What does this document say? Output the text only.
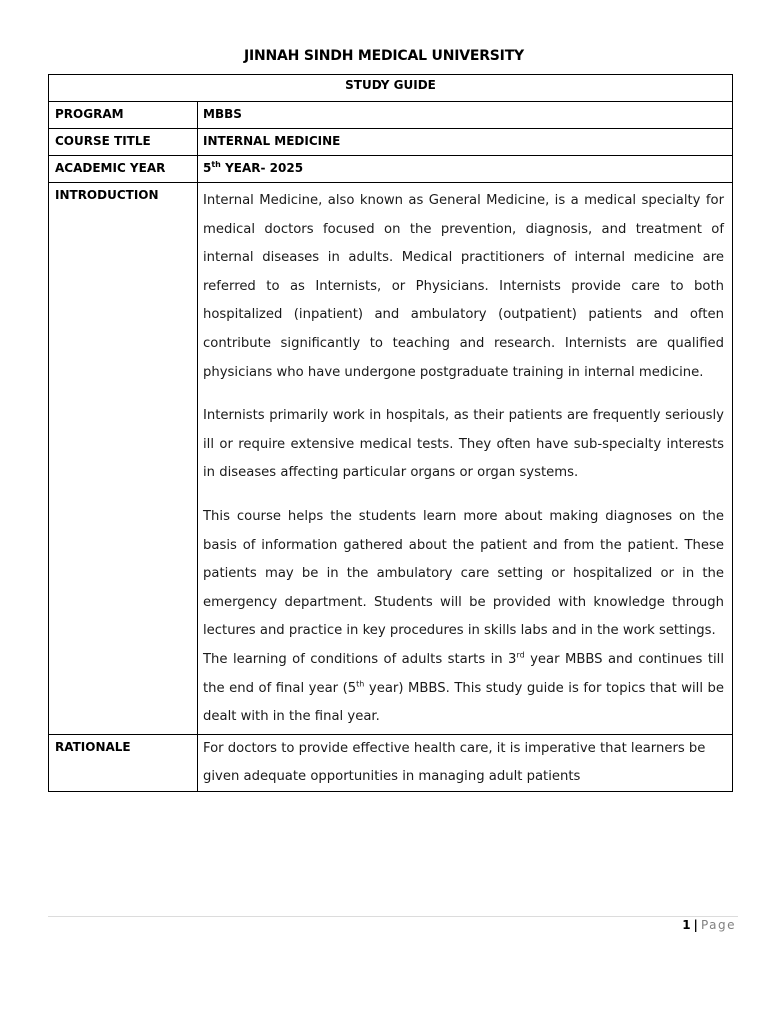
JINNAH SINDH MEDICAL UNIVERSITY
STUDY GUIDE	
PROGRAM	MBBS
COURSE TITLE	INTERNAL MEDICINE
ACADEMIC YEAR	5th YEAR- 2025
INTRODUCTION	Internal Medicine, also known as General Medicine, is a medical specialty for medical doctors focused on the prevention, diagnosis, and treatment of internal diseases in adults. Medical practitioners of internal medicine are referred to as Internists, or Physicians. Internists provide care to both hospitalized (inpatient) and ambulatory (outpatient) patients and often contribute significantly to teaching and research. Internists are qualified physicians who have undergone postgraduate training in internal medicine.

Internists primarily work in hospitals, as their patients are frequently seriously ill or require extensive medical tests. They often have sub-specialty interests in diseases affecting particular organs or organ systems.

This course helps the students learn more about making diagnoses on the basis of information gathered about the patient and from the patient. These patients may be in the ambulatory care setting or hospitalized or in the emergency department. Students will be provided with knowledge through lectures and practice in key procedures in skills labs and in the work settings.

The learning of conditions of adults starts in 3rd year MBBS and continues till the end of final year (5th year) MBBS. This study guide is for topics that will be dealt with in the final year.

RATIONALE	For doctors to provide effective health care, it is imperative that learners be given adequate opportunities in managing adult patients
1 | Page
